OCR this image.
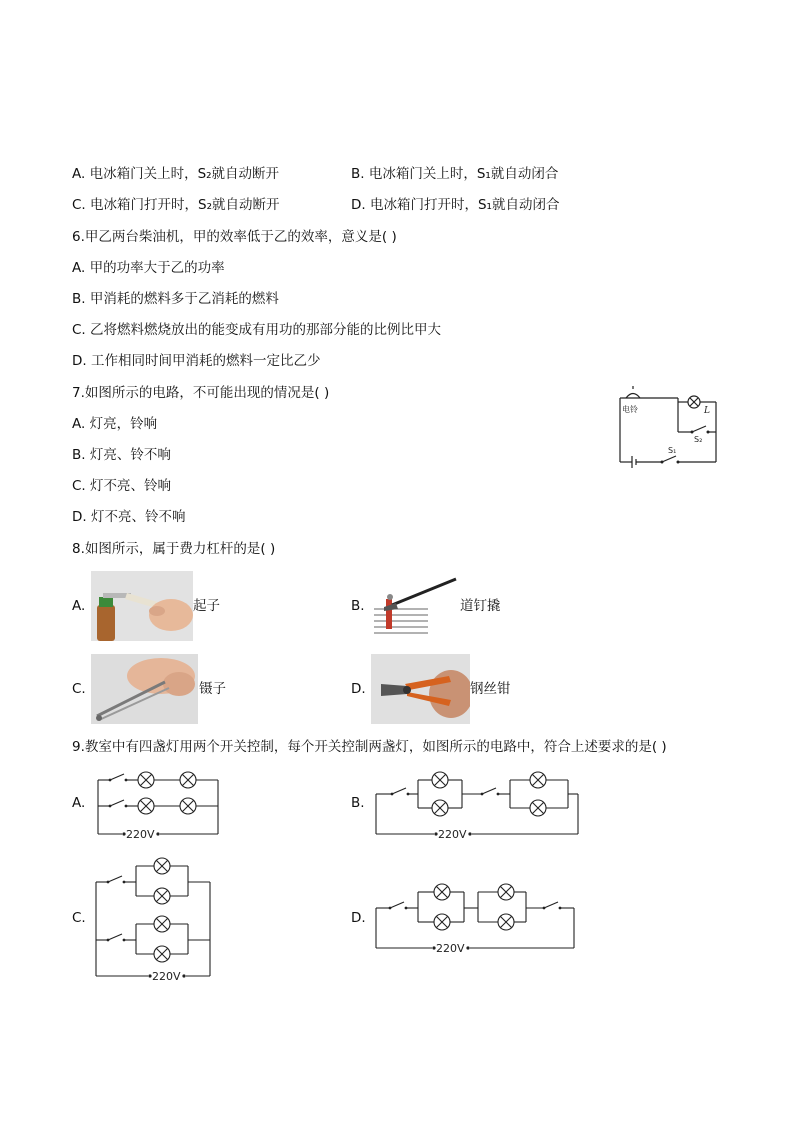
A. 电冰箱门关上时，S₂就自动断开	B. 电冰箱门关上时，S₁就自动闭合
C. 电冰箱门打开时，S₂就自动断开	D. 电冰箱门打开时，S₁就自动闭合
6.甲乙两台柴油机，甲的效率低于乙的效率，意义是( )
A. 甲的功率大于乙的功率
B. 甲消耗的燃料多于乙消耗的燃料
C. 乙将燃料燃烧放出的能变成有用功的那部分能的比例比甲大
D. 工作相同时间甲消耗的燃料一定比乙少
7.如图所示的电路，不可能出现的情况是( )
A. 灯亮，铃响
B. 灯亮、铃不响
C. 灯不亮、铃响
D. 灯不亮、铃不响
电铃	L
S₂
S₁
8.如图所示，属于费力杠杆的是( )
A.	起子	B.	道钉撬
C.	镊子	D.	钢丝钳
9.教室中有四盏灯用两个开关控制，每个开关控制两盏灯，如图所示的电路中，符合上述要求的是( )
A.
220V
B.
220V
C.
220V
D.
220V
